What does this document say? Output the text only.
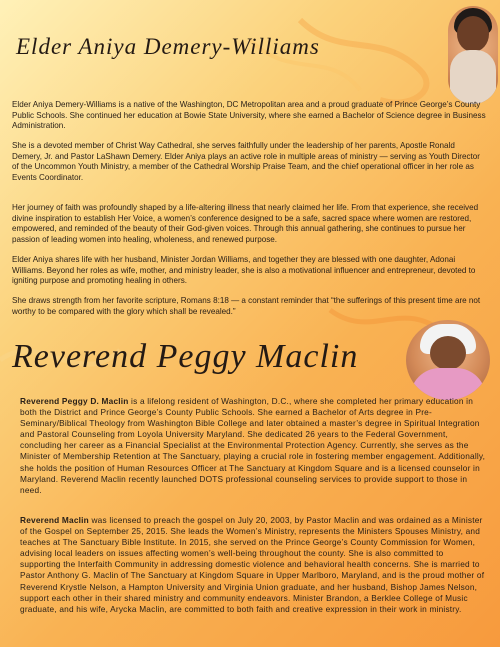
Elder Aniya Demery-Williams

Elder Aniya Demery-Williams is a native of the Washington, DC Metropolitan area and a proud graduate of Prince George’s County Public Schools. She continued her education at Bowie State University, where she earned a Bachelor of Science degree in Business Administration.

She is a devoted member of Christ Way Cathedral, she serves faithfully under the leadership of her parents, Apostle Ronald Demery, Jr. and Pastor LaShawn Demery. Elder Aniya plays an active role in multiple areas of ministry — serving as Youth Director of the Uncommon Youth Ministry, a member of the Cathedral Worship Praise Team, and the chief operational officer in her role as Events Coordinator.

Her journey of faith was profoundly shaped by a life-altering illness that nearly claimed her life. From that experience, she received divine inspiration to establish Her Voice, a women’s conference designed to be a safe, sacred space where women are restored, empowered, and reminded of the beauty of their God-given voices. Through this annual gathering, she continues to pursue her passion of leading women into healing, wholeness, and renewed purpose.

Elder Aniya shares life with her husband, Minister Jordan Williams, and together they are blessed with one daughter, Adonai Williams. Beyond her roles as wife, mother, and ministry leader, she is also a motivational influencer and entrepreneur, devoted to igniting purpose and promoting healing in others.

She draws strength from her favorite scripture, Romans 8:18 — a constant reminder that “the sufferings of this present time are not worthy to be compared with the glory which shall be revealed.”

Reverend Peggy Maclin

Reverend Peggy D. Maclin is a lifelong resident of Washington, D.C., where she completed her primary education in both the District and Prince George’s County Public Schools. She earned a Bachelor of Arts degree in Pre-Seminary/Biblical Theology from Washington Bible College and later obtained a master’s degree in Spiritual Integration and Pastoral Counseling from Loyola University Maryland. She dedicated 26 years to the Federal Government, concluding her career as a Financial Specialist at the Environmental Protection Agency. Currently, she serves as the Minister of Membership Retention at The Sanctuary, playing a crucial role in fostering member engagement. Additionally, she holds the position of Human Resources Officer at The Sanctuary at Kingdom Square and is a licensed counselor in Maryland. Reverend Maclin recently launched DOTS professional counseling services to provide support to those in need.

Reverend Maclin was licensed to preach the gospel on July 20, 2003, by Pastor Maclin and was ordained as a Minister of the Gospel on September 25, 2015. She leads the Women’s Ministry, represents the Ministers Spouses Ministry, and teaches at The Sanctuary Bible Institute. In 2015, she served on the Prince George’s County Commission for Women, advising local leaders on issues affecting women’s well-being throughout the county. She is also committed to supporting the Interfaith Community in addressing domestic violence and behavioral health concerns. She is married to Pastor Anthony G. Maclin of The Sanctuary at Kingdom Square in Upper Marlboro, Maryland, and is the proud mother of Reverend Krystle Nelson, a Hampton University and Virginia Union graduate, and her husband, Bishop James Nelson, support each other in their shared ministry and community endeavors. Minister Brandon, a Berklee College of Music graduate, and his wife, Arycka Maclin, are committed to both faith and creative expression in their work in ministry.
